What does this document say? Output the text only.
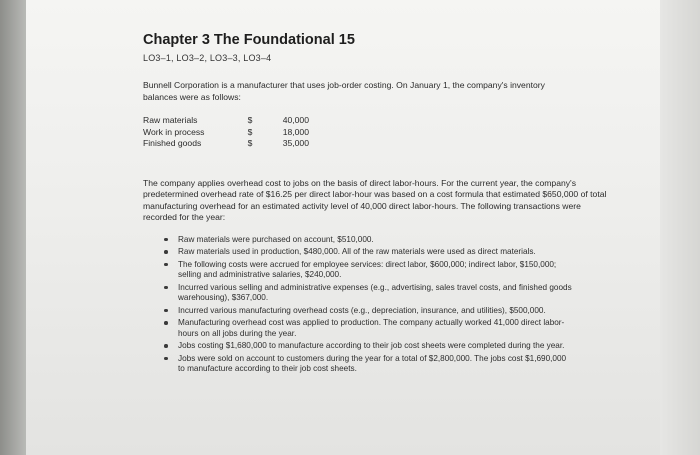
Chapter 3 The Foundational 15
LO3–1, LO3–2, LO3–3, LO3–4

Bunnell Corporation is a manufacturer that uses job-order costing. On January 1, the company's inventory balances were as follows:

Raw materials	$	40,000
Work in process	$	18,000
Finished goods	$	35,000

The company applies overhead cost to jobs on the basis of direct labor-hours. For the current year, the company's predetermined overhead rate of $16.25 per direct labor-hour was based on a cost formula that estimated $650,000 of total manufacturing overhead for an estimated activity level of 40,000 direct labor-hours. The following transactions were recorded for the year:

Raw materials were purchased on account, $510,000.
Raw materials used in production, $480,000. All of the raw materials were used as direct materials.
The following costs were accrued for employee services: direct labor, $600,000; indirect labor, $150,000; selling and administrative salaries, $240,000.
Incurred various selling and administrative expenses (e.g., advertising, sales travel costs, and finished goods warehousing), $367,000.
Incurred various manufacturing overhead costs (e.g., depreciation, insurance, and utilities), $500,000.
Manufacturing overhead cost was applied to production. The company actually worked 41,000 direct labor-hours on all jobs during the year.
Jobs costing $1,680,000 to manufacture according to their job cost sheets were completed during the year.
Jobs were sold on account to customers during the year for a total of $2,800,000. The jobs cost $1,690,000 to manufacture according to their job cost sheets.
